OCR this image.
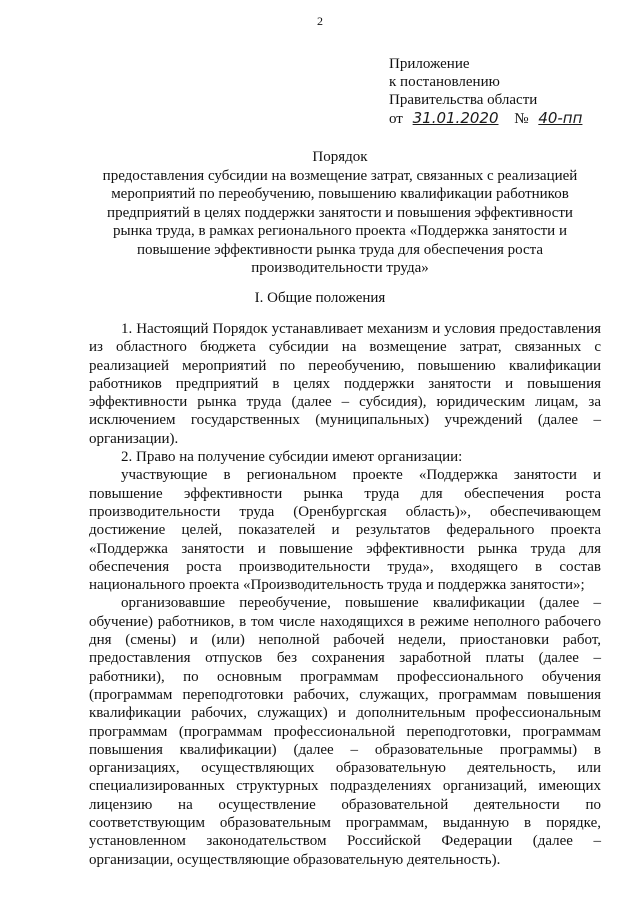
2
Приложение
к постановлению
Правительства области
от 31.01.2020 № 40-пп
Порядок
предоставления субсидии на возмещение затрат, связанных с реализацией
мероприятий по переобучению, повышению квалификации работников
предприятий в целях поддержки занятости и повышения эффективности
рынка труда, в рамках регионального проекта «Поддержка занятости и
повышение эффективности рынка труда для обеспечения роста
производительности труда»
I. Общие положения

1. Настоящий Порядок устанавливает механизм и условия предоставления из областного бюджета субсидии на возмещение затрат, связанных с реализацией мероприятий по переобучению, повышению квалификации работников предприятий в целях поддержки занятости и повышения эффективности рынка труда (далее – субсидия), юридическим лицам, за исключением государственных (муниципальных) учреждений (далее – организации).

2. Право на получение субсидии имеют организации:

участвующие в региональном проекте «Поддержка занятости и повышение эффективности рынка труда для обеспечения роста производительности труда (Оренбургская область)», обеспечивающем достижение целей, показателей и результатов федерального проекта «Поддержка занятости и повышение эффективности рынка труда для обеспечения роста производительности труда», входящего в состав национального проекта «Производительность труда и поддержка занятости»;

организовавшие переобучение, повышение квалификации (далее – обучение) работников, в том числе находящихся в режиме неполного рабочего дня (смены) и (или) неполной рабочей недели, приостановки работ, предоставления отпусков без сохранения заработной платы (далее – работники), по основным программам профессионального обучения (программам переподготовки рабочих, служащих, программам повышения квалификации рабочих, служащих) и дополнительным профессиональным программам (программам профессиональной переподготовки, программам повышения квалификации) (далее – образовательные программы) в организациях, осуществляющих образовательную деятельность, или специализированных структурных подразделениях организаций, имеющих лицензию на осуществление образовательной деятельности по соответствующим образовательным программам, выданную в порядке, установленном законодательством Российской Федерации (далее – организации, осуществляющие образовательную деятельность).
